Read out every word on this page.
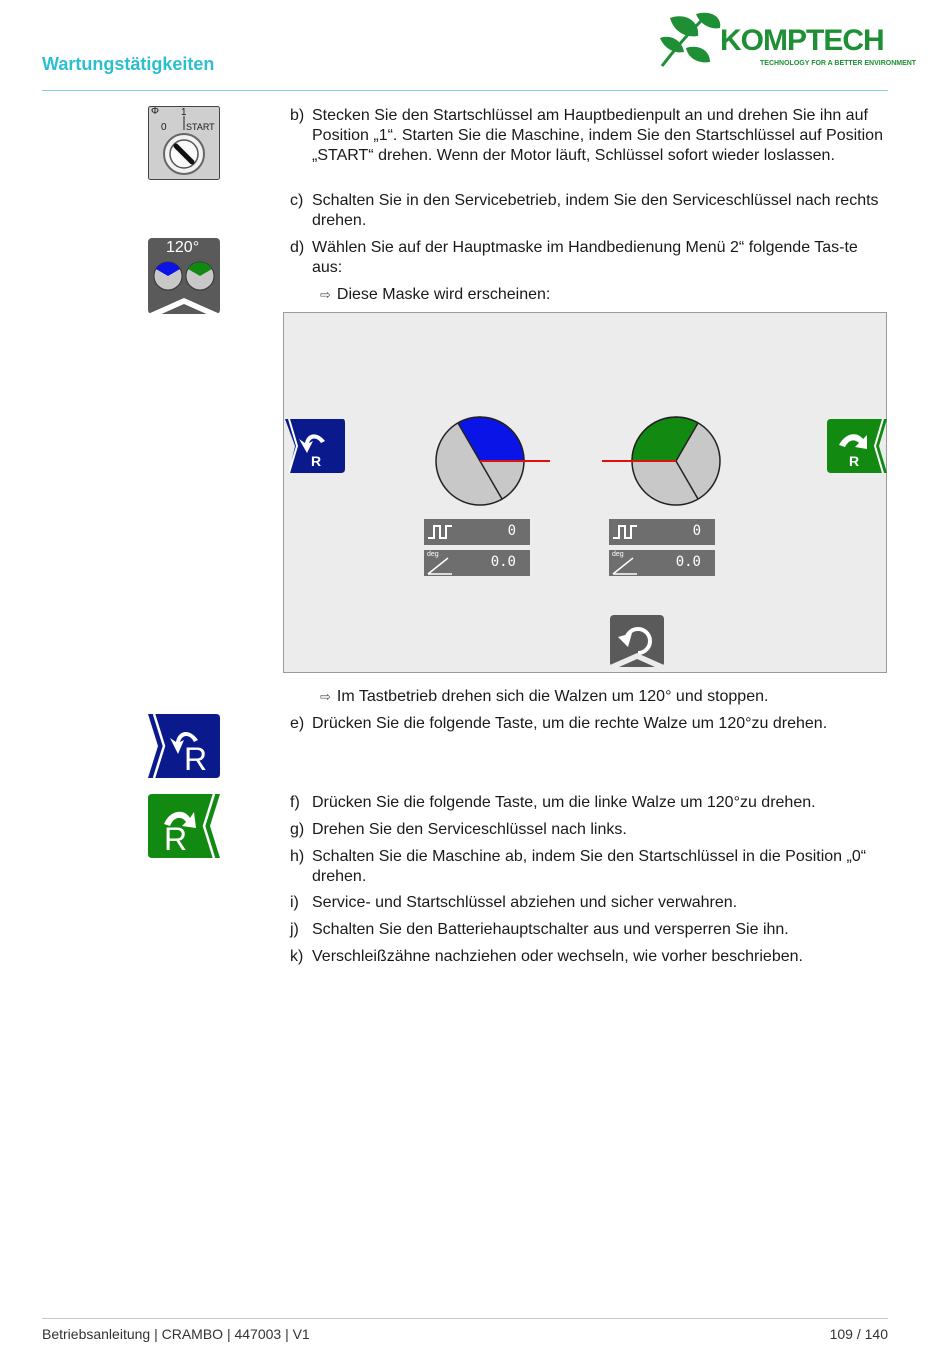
Wartungstätigkeiten
KOMPTECH
TECHNOLOGY FOR A BETTER ENVIRONMENT
Φ
0
1
START
120°
b) Stecken Sie den Startschlüssel am Hauptbedienpult an und drehen Sie ihn auf Position „1“. Starten Sie die Maschine, indem Sie den Startschlüssel auf Position „START“ drehen. Wenn der Motor läuft, Schlüssel sofort wieder loslassen.
c) Schalten Sie in den Servicebetrieb, indem Sie den Serviceschlüssel nach rechts drehen.
d) Wählen Sie auf der Hauptmaske im Handbedienung Menü 2“ folgende Tas-te aus:
⇨ Diese Maske wird erscheinen:
R	R
0
deg	0.0
0
deg	0.0
⇨ Im Tastbetrieb drehen sich die Walzen um 120° und stoppen.
R
e) Drücken Sie die folgende Taste, um die rechte Walze um 120°zu drehen.
R
f) Drücken Sie die folgende Taste, um die linke Walze um 120°zu drehen.
g) Drehen Sie den Serviceschlüssel nach links.
h) Schalten Sie die Maschine ab, indem Sie den Startschlüssel in die Position „0“ drehen.
i) Service- und Startschlüssel abziehen und sicher verwahren.
j) Schalten Sie den Batteriehauptschalter aus und versperren Sie ihn.
k) Verschleißzähne nachziehen oder wechseln, wie vorher beschrieben.
Betriebsanleitung | CRAMBO | 447003 | V1	109 / 140
